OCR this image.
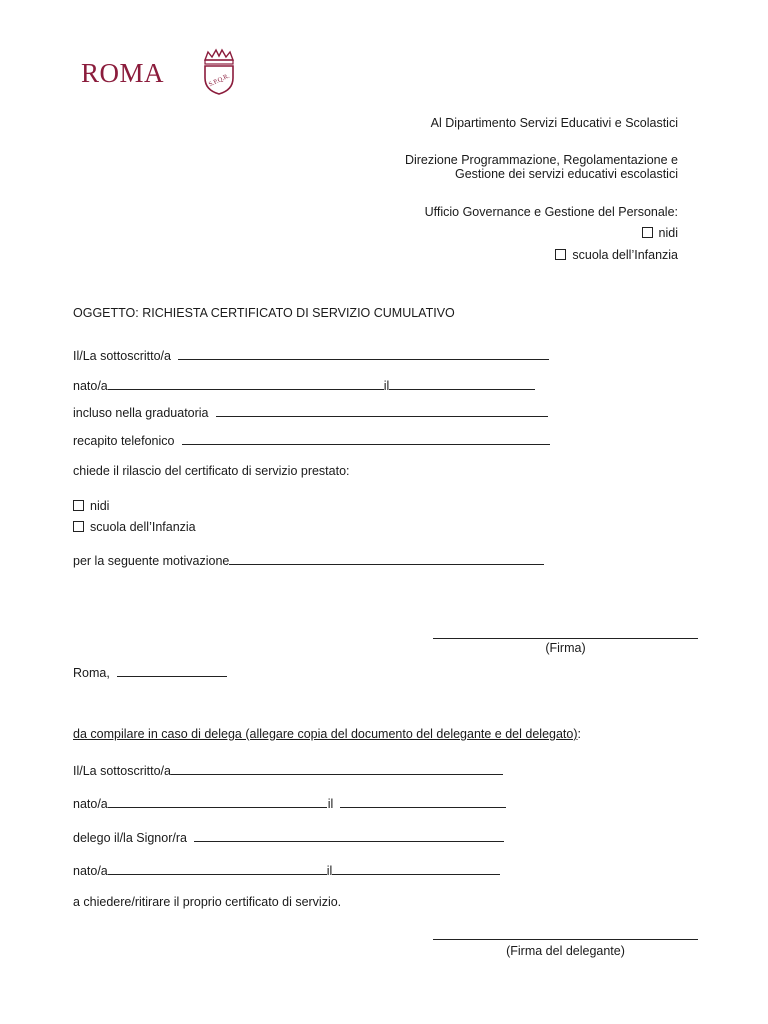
ROMA	S.P.Q.R.
Al Dipartimento Servizi Educativi e Scolastici
Direzione Programmazione, Regolamentazione e
Gestione dei servizi educativi escolastici
Ufficio Governance e Gestione del Personale:
nidi
scuola dell’Infanzia
OGGETTO: RICHIESTA CERTIFICATO DI SERVIZIO CUMULATIVO
Il/La sottoscritto/a
nato/a	il
incluso nella graduatoria
recapito telefonico
chiede il rilascio del certificato di servizio prestato:
nidi
scuola dell’Infanzia
per la seguente motivazione
(Firma)
Roma,
da compilare in caso di delega (allegare copia del documento del delegante e del delegato):
Il/La sottoscritto/a
nato/a	il
delego il/la Signor/ra
nato/a	il
a chiedere/ritirare il proprio certificato di servizio.
(Firma del delegante)
